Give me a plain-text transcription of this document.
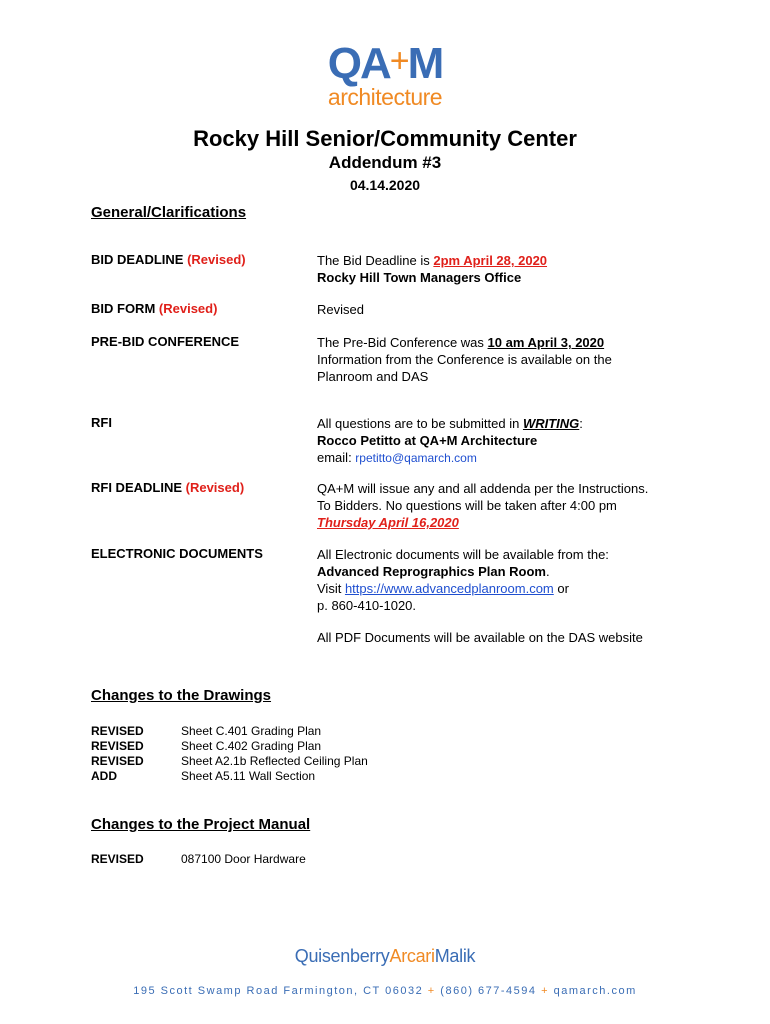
QA+M
architecture
Rocky Hill Senior/Community Center
Addendum #3
04.14.2020
General/Clarifications
BID DEADLINE (Revised)	The Bid Deadline is 2pm April 28, 2020
Rocky Hill Town Managers Office
BID FORM (Revised)	Revised
PRE-BID CONFERENCE	The Pre-Bid Conference was 10 am April 3, 2020
Information from the Conference is available on the
Planroom and DAS
RFI	All questions are to be submitted in WRITING:
Rocco Petitto at QA+M Architecture
email: rpetitto@qamarch.com
RFI DEADLINE (Revised)	QA+M will issue any and all addenda per the Instructions.
To Bidders. No questions will be taken after 4:00 pm
Thursday April 16,2020
ELECTRONIC DOCUMENTS	All Electronic documents will be available from the:
Advanced Reprographics Plan Room.
Visit https://www.advancedplanroom.com or
p. 860-410-1020.
All PDF Documents will be available on the DAS website
Changes to the Drawings
REVISED	Sheet C.401 Grading Plan
REVISED	Sheet C.402 Grading Plan
REVISED	Sheet A2.1b Reflected Ceiling Plan
ADD	Sheet A5.11 Wall Section
Changes to the Project Manual
REVISED	087100 Door Hardware
QuisenberryArcariMalik
195 Scott Swamp Road Farmington, CT 06032 + (860) 677-4594 + qamarch.com
